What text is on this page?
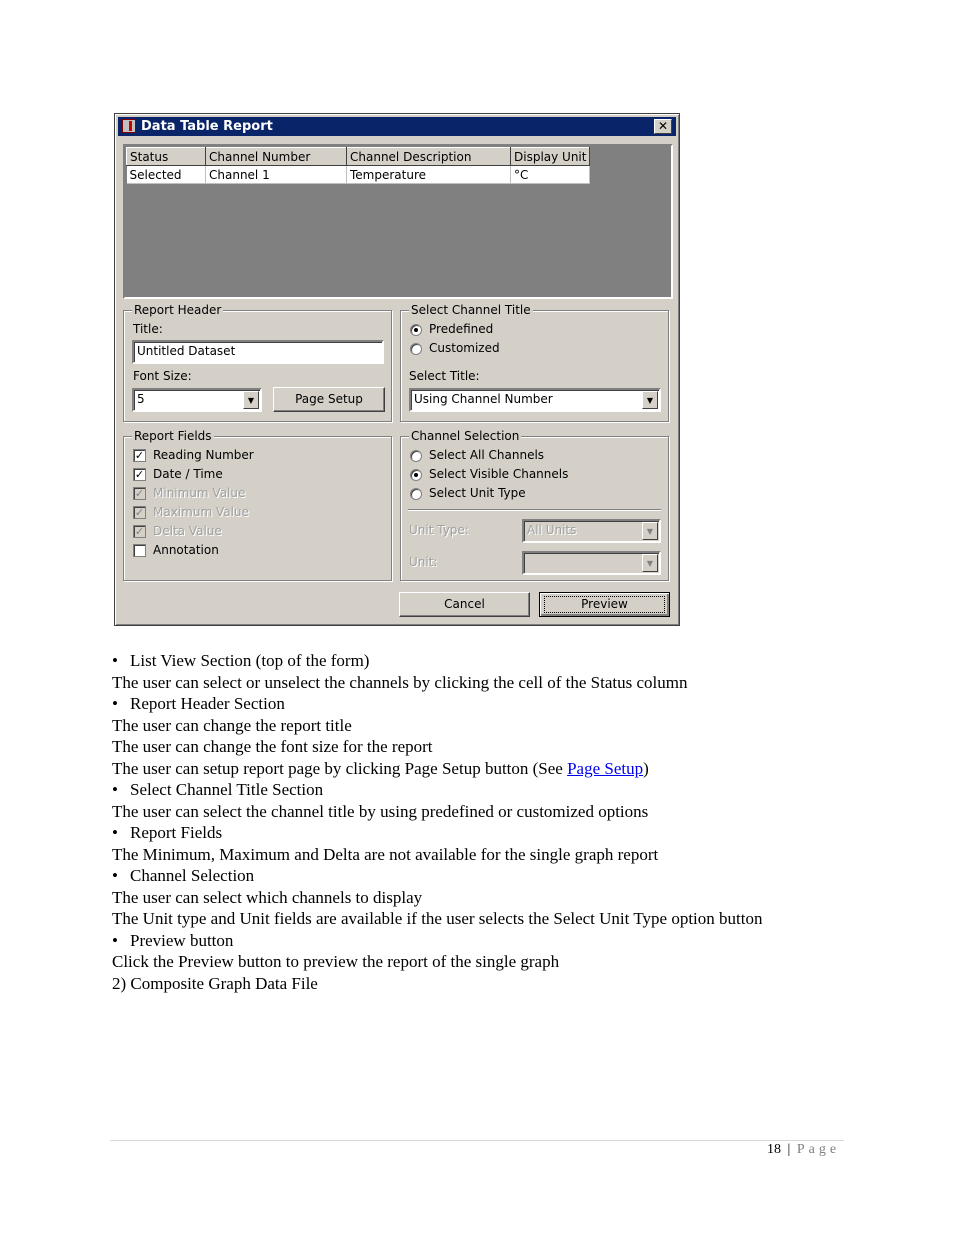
Data Table Report	✕
Status	Channel Number	Channel Description	Display Unit
Selected	Channel 1	Temperature	°C
Report Header
Title:
Untitled Dataset
Font Size:
5	▼	Page Setup
Select Channel Title
Predefined
Customized
Select Title:
Using Channel Number	▼
Report Fields
✓ Reading Number
✓ Date / Time
✓ Minimum Value
✓ Maximum Value
✓ Delta Value
Annotation
Channel Selection
Select All Channels
Select Visible Channels
Select Unit Type
Unit Type:	All Units	▼
Unit:	▼
Cancel	Preview
• List View Section (top of the form)
The user can select or unselect the channels by clicking the cell of the Status column
• Report Header Section
The user can change the report title
The user can change the font size for the report
The user can setup report page by clicking Page Setup button (See Page Setup)
• Select Channel Title Section
The user can select the channel title by using predefined or customized options
• Report Fields
The Minimum, Maximum and Delta are not available for the single graph report
• Channel Selection
The user can select which channels to display
The Unit type and Unit fields are available if the user selects the Select Unit Type option button
• Preview button
Click the Preview button to preview the report of the single graph
2) Composite Graph Data File
18 | Page
